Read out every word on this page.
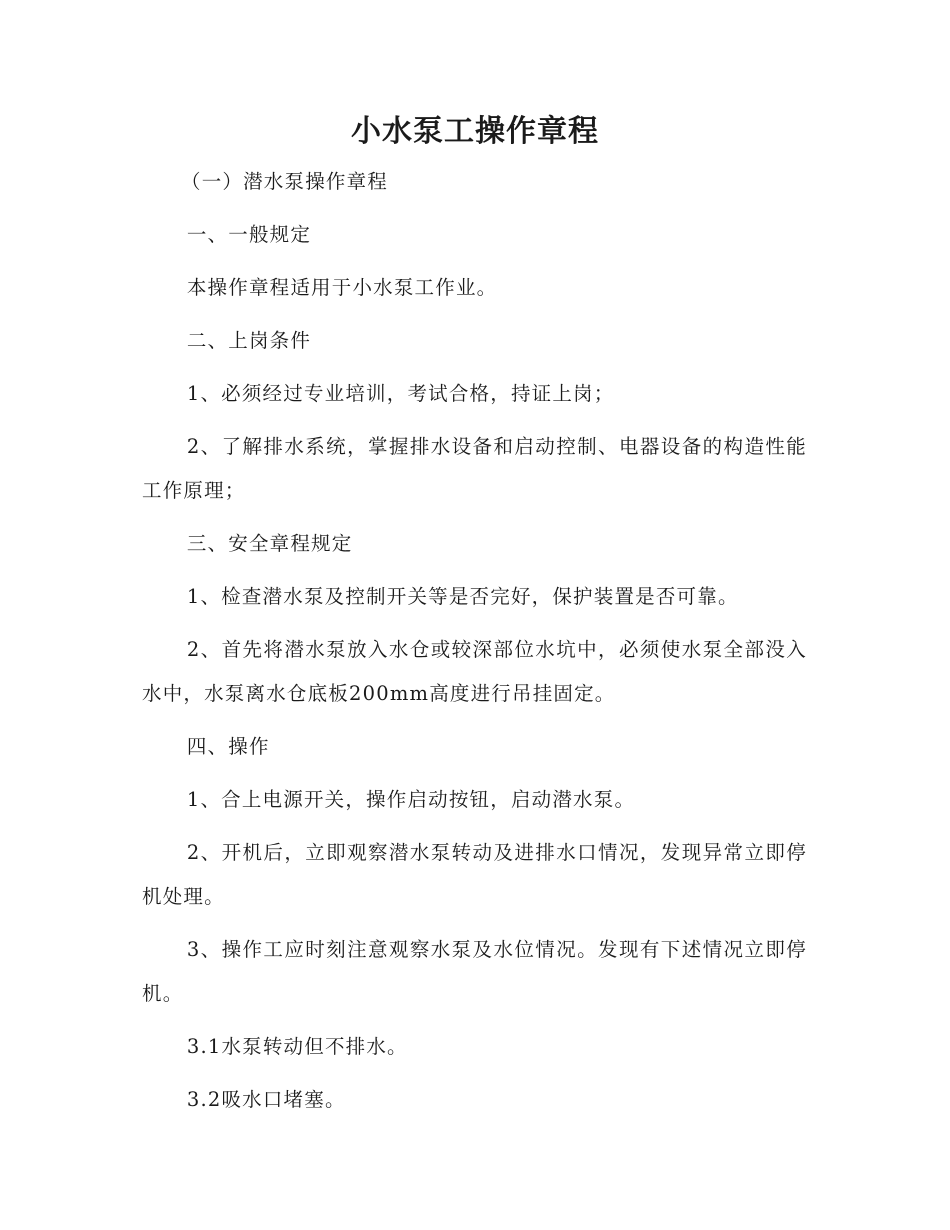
小水泵工操作章程

（一）潜水泵操作章程

一、一般规定

本操作章程适用于小水泵工作业。

二、上岗条件

1、必须经过专业培训，考试合格，持证上岗；

2、了解排水系统，掌握排水设备和启动控制、电器设备的构造性能工作原理；

三、安全章程规定

1、检查潜水泵及控制开关等是否完好，保护装置是否可靠。

2、首先将潜水泵放入水仓或较深部位水坑中，必须使水泵全部没入水中，水泵离水仓底板200mm高度进行吊挂固定。

四、操作

1、合上电源开关，操作启动按钮，启动潜水泵。

2、开机后，立即观察潜水泵转动及进排水口情况，发现异常立即停机处理。

3、操作工应时刻注意观察水泵及水位情况。发现有下述情况立即停机。

3.1水泵转动但不排水。

3.2吸水口堵塞。
